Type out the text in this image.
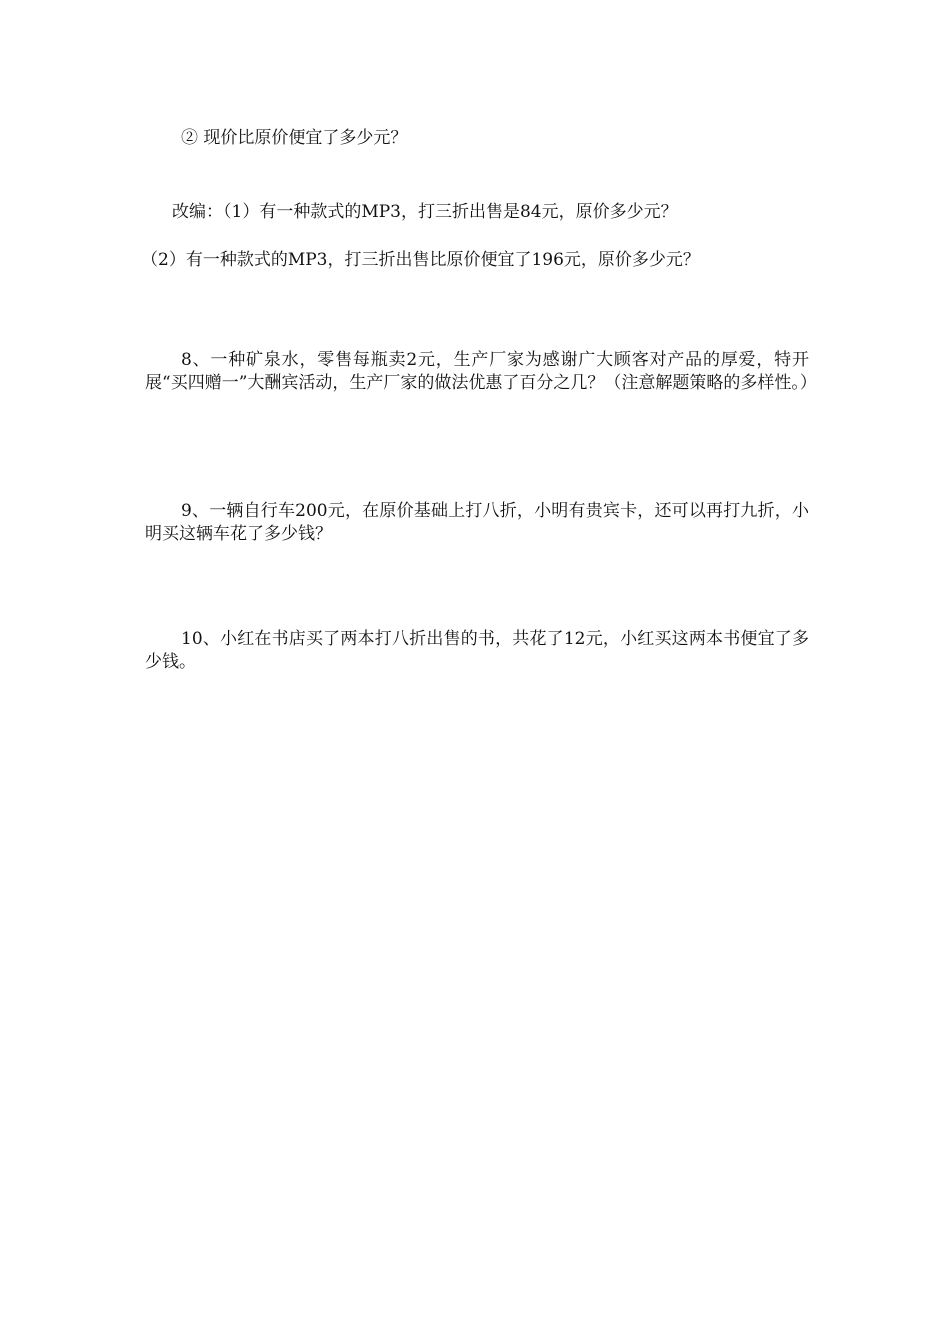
② 现价比原价便宜了多少元？

改编：（1）有一种款式的MP3，打三折出售是84元，原价多少元？

（2）有一种款式的MP3，打三折出售比原价便宜了196元，原价多少元？

8、一种矿泉水，零售每瓶卖2元，生产厂家为感谢广大顾客对产品的厚爱，特开展“买四赠一”大酬宾活动，生产厂家的做法优惠了百分之几？（注意解题策略的多样性。）

9、一辆自行车200元，在原价基础上打八折，小明有贵宾卡，还可以再打九折，小明买这辆车花了多少钱？

10、小红在书店买了两本打八折出售的书，共花了12元，小红买这两本书便宜了多少钱。
